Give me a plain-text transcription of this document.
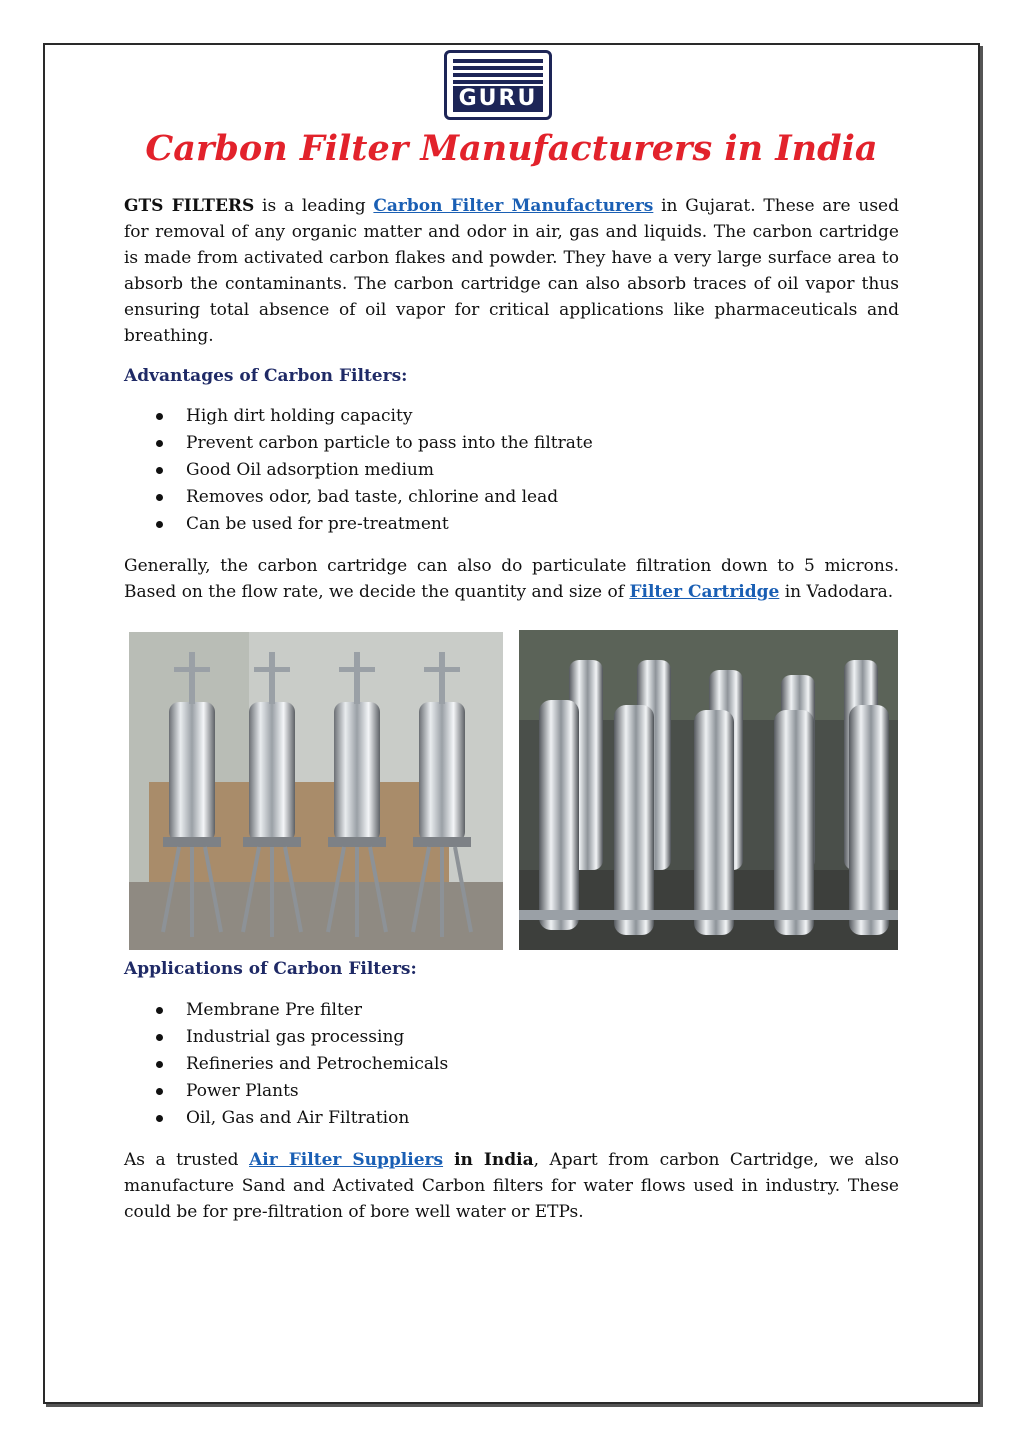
GURU
Carbon Filter Manufacturers in India

GTS FILTERS is a leading Carbon Filter Manufacturers in Gujarat. These are used for removal of any organic matter and odor in air, gas and liquids. The carbon cartridge is made from activated carbon flakes and powder. They have a very large surface area to absorb the contaminants. The carbon cartridge can also absorb traces of oil vapor thus ensuring total absence of oil vapor for critical applications like pharmaceuticals and breathing.

Advantages of Carbon Filters:

High dirt holding capacity
Prevent carbon particle to pass into the filtrate
Good Oil adsorption medium
Removes odor, bad taste, chlorine and lead
Can be used for pre-treatment

Generally, the carbon cartridge can also do particulate filtration down to 5 microns. Based on the flow rate, we decide the quantity and size of Filter Cartridge in Vadodara.

Applications of Carbon Filters:

Membrane Pre filter
Industrial gas processing
Refineries and Petrochemicals
Power Plants
Oil, Gas and Air Filtration

As a trusted Air Filter Suppliers in India, Apart from carbon Cartridge, we also manufacture Sand and Activated Carbon filters for water flows used in industry. These could be for pre-filtration of bore well water or ETPs.
